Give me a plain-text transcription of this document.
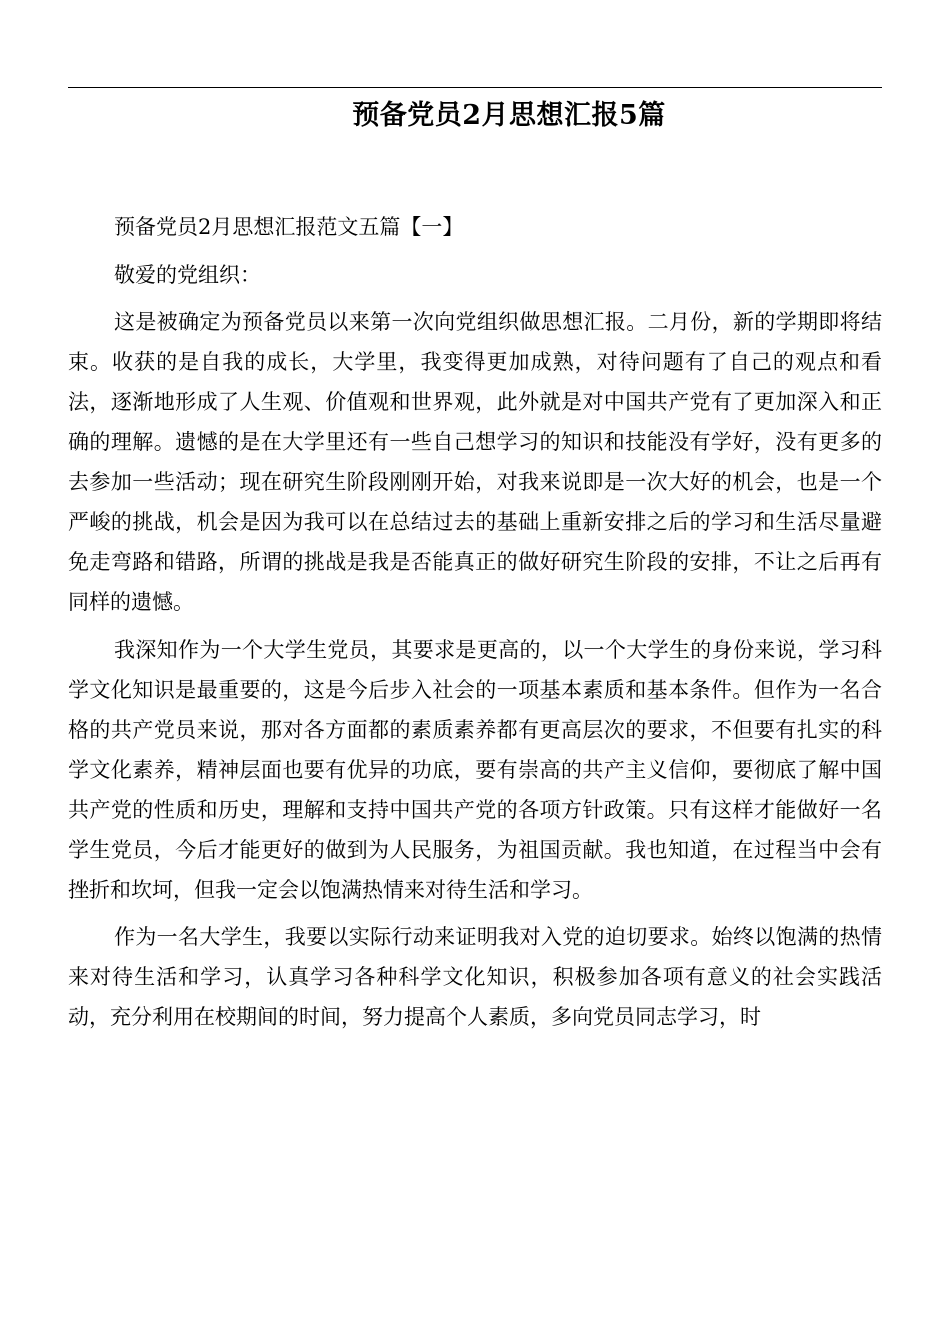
预备党员2月思想汇报5篇

预备党员2月思想汇报范文五篇【一】

敬爱的党组织：

这是被确定为预备党员以来第一次向党组织做思想汇报。二月份，新的学期即将结束。收获的是自我的成长，大学里，我变得更加成熟，对待问题有了自己的观点和看法，逐渐地形成了人生观、价值观和世界观，此外就是对中国共产党有了更加深入和正确的理解。遗憾的是在大学里还有一些自己想学习的知识和技能没有学好，没有更多的去参加一些活动；现在研究生阶段刚刚开始，对我来说即是一次大好的机会，也是一个严峻的挑战，机会是因为我可以在总结过去的基础上重新安排之后的学习和生活尽量避免走弯路和错路，所谓的挑战是我是否能真正的做好研究生阶段的安排，不让之后再有同样的遗憾。

我深知作为一个大学生党员，其要求是更高的，以一个大学生的身份来说，学习科学文化知识是最重要的，这是今后步入社会的一项基本素质和基本条件。但作为一名合格的共产党员来说，那对各方面都的素质素养都有更高层次的要求，不但要有扎实的科学文化素养，精神层面也要有优异的功底，要有崇高的共产主义信仰，要彻底了解中国共产党的性质和历史，理解和支持中国共产党的各项方针政策。只有这样才能做好一名学生党员，今后才能更好的做到为人民服务，为祖国贡献。我也知道，在过程当中会有挫折和坎坷，但我一定会以饱满热情来对待生活和学习。

作为一名大学生，我要以实际行动来证明我对入党的迫切要求。始终以饱满的热情来对待生活和学习，认真学习各种科学文化知识，积极参加各项有意义的社会实践活动，充分利用在校期间的时间，努力提高个人素质，多向党员同志学习，时
